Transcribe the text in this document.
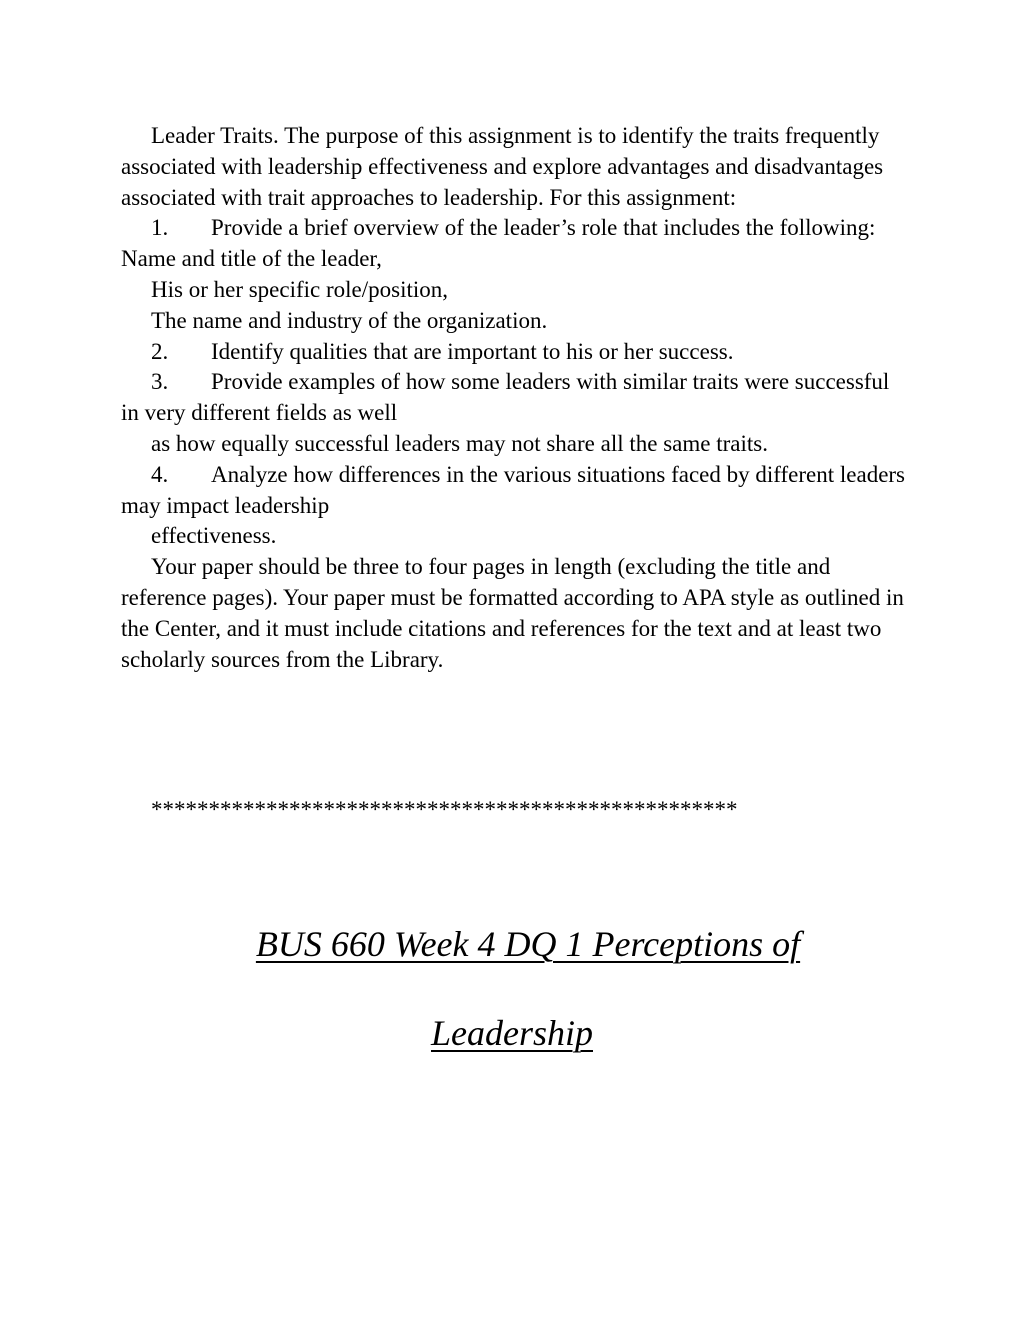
Leader Traits. The purpose of this assignment is to identify the traits frequently associated with leadership effectiveness and explore advantages and disadvantages associated with trait approaches to leadership. For this assignment:

1. Provide a brief overview of the leader’s role that includes the following: Name and title of the leader,

His or her specific role/position,

The name and industry of the organization.

2. Identify qualities that are important to his or her success.

3. Provide examples of how some leaders with similar traits were successful in very different fields as well

as how equally successful leaders may not share all the same traits.

4. Analyze how differences in the various situations faced by different leaders may impact leadership

effectiveness.

Your paper should be three to four pages in length (excluding the title and reference pages). Your paper must be formatted according to APA style as outlined in the Center, and it must include citations and references for the text and at least two scholarly sources from the Library.

***************************************************
BUS 660 Week 4 DQ 1 Perceptions of
Leadership
